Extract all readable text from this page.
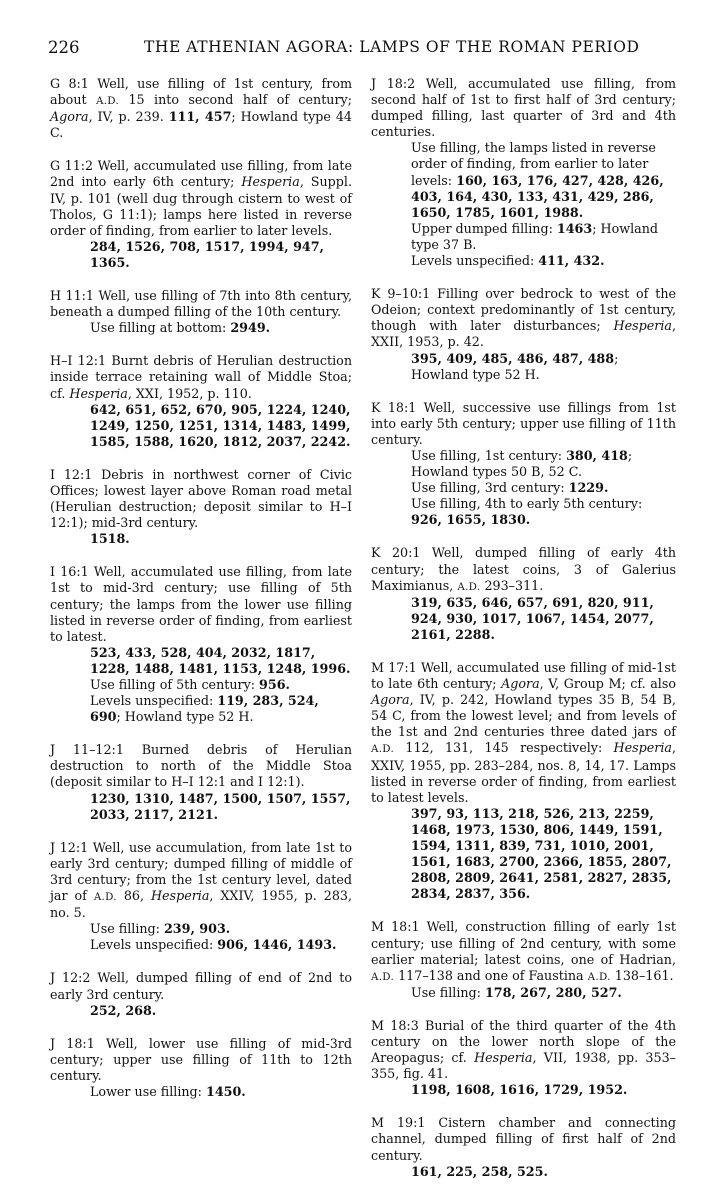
226	THE ATHENIAN AGORA: LAMPS OF THE ROMAN PERIOD

G 8:1 Well, use filling of 1st century, from about A.D. 15 into second half of century; Agora, IV, p. 239. 111, 457; Howland type 44 C.

G 11:2 Well, accumulated use filling, from late 2nd into early 6th century; Hesperia, Suppl. IV, p. 101 (well dug through cistern to west of Tholos, G 11:1); lamps here listed in reverse order of finding, from earlier to later levels.

284, 1526, 708, 1517, 1994, 947, 1365.

H 11:1 Well, use filling of 7th into 8th century, beneath a dumped filling of the 10th century.

Use filling at bottom: 2949.

H–I 12:1 Burnt debris of Herulian destruction inside terrace retaining wall of Middle Stoa; cf. Hesperia, XXI, 1952, p. 110.

642, 651, 652, 670, 905, 1224, 1240, 1249, 1250, 1251, 1314, 1483, 1499, 1585, 1588, 1620, 1812, 2037, 2242.

I 12:1 Debris in northwest corner of Civic Offices; lowest layer above Roman road metal (Herulian destruction; deposit similar to H–I 12:1); mid-3rd century.

1518.

I 16:1 Well, accumulated use filling, from late 1st to mid-3rd century; use filling of 5th century; the lamps from the lower use filling listed in reverse order of finding, from earliest to latest.

523, 433, 528, 404, 2032, 1817, 1228, 1488, 1481, 1153, 1248, 1996.

Use filling of 5th century: 956.

Levels unspecified: 119, 283, 524, 690; Howland type 52 H.

J 11–12:1 Burned debris of Herulian destruction to north of the Middle Stoa (deposit similar to H–I 12:1 and I 12:1).

1230, 1310, 1487, 1500, 1507, 1557, 2033, 2117, 2121.

J 12:1 Well, use accumulation, from late 1st to early 3rd century; dumped filling of middle of 3rd century; from the 1st century level, dated jar of A.D. 86, Hesperia, XXIV, 1955, p. 283, no. 5.

Use filling: 239, 903.

Levels unspecified: 906, 1446, 1493.

J 12:2 Well, dumped filling of end of 2nd to early 3rd century.

252, 268.

J 18:1 Well, lower use filling of mid-3rd century; upper use filling of 11th to 12th century.

Lower use filling: 1450.

J 18:2 Well, accumulated use filling, from second half of 1st to first half of 3rd century; dumped filling, last quarter of 3rd and 4th centuries.

Use filling, the lamps listed in reverse order of finding, from earlier to later levels: 160, 163, 176, 427, 428, 426, 403, 164, 430, 133, 431, 429, 286, 1650, 1785, 1601, 1988.

Upper dumped filling: 1463; Howland type 37 B.

Levels unspecified: 411, 432.

K 9–10:1 Filling over bedrock to west of the Odeion; context predominantly of 1st century, though with later disturbances; Hesperia, XXII, 1953, p. 42.

395, 409, 485, 486, 487, 488; Howland type 52 H.

K 18:1 Well, successive use fillings from 1st into early 5th century; upper use filling of 11th century.

Use filling, 1st century: 380, 418; Howland types 50 B, 52 C.

Use filling, 3rd century: 1229.

Use filling, 4th to early 5th century: 926, 1655, 1830.

K 20:1 Well, dumped filling of early 4th century; the latest coins, 3 of Galerius Maximianus, A.D. 293–311.

319, 635, 646, 657, 691, 820, 911, 924, 930, 1017, 1067, 1454, 2077, 2161, 2288.

M 17:1 Well, accumulated use filling of mid-1st to late 6th century; Agora, V, Group M; cf. also Agora, IV, p. 242, Howland types 35 B, 54 B, 54 C, from the lowest level; and from levels of the 1st and 2nd centuries three dated jars of A.D. 112, 131, 145 respectively: Hesperia, XXIV, 1955, pp. 283–284, nos. 8, 14, 17. Lamps listed in reverse order of finding, from earliest to latest levels.

397, 93, 113, 218, 526, 213, 2259, 1468, 1973, 1530, 806, 1449, 1591, 1594, 1311, 839, 731, 1010, 2001, 1561, 1683, 2700, 2366, 1855, 2807, 2808, 2809, 2641, 2581, 2827, 2835, 2834, 2837, 356.

M 18:1 Well, construction filling of early 1st century; use filling of 2nd century, with some earlier material; latest coins, one of Hadrian, A.D. 117–138 and one of Faustina A.D. 138–161.

Use filling: 178, 267, 280, 527.

M 18:3 Burial of the third quarter of the 4th century on the lower north slope of the Areopagus; cf. Hesperia, VII, 1938, pp. 353–355, fig. 41.

1198, 1608, 1616, 1729, 1952.

M 19:1 Cistern chamber and connecting channel, dumped filling of first half of 2nd century.

161, 225, 258, 525.
